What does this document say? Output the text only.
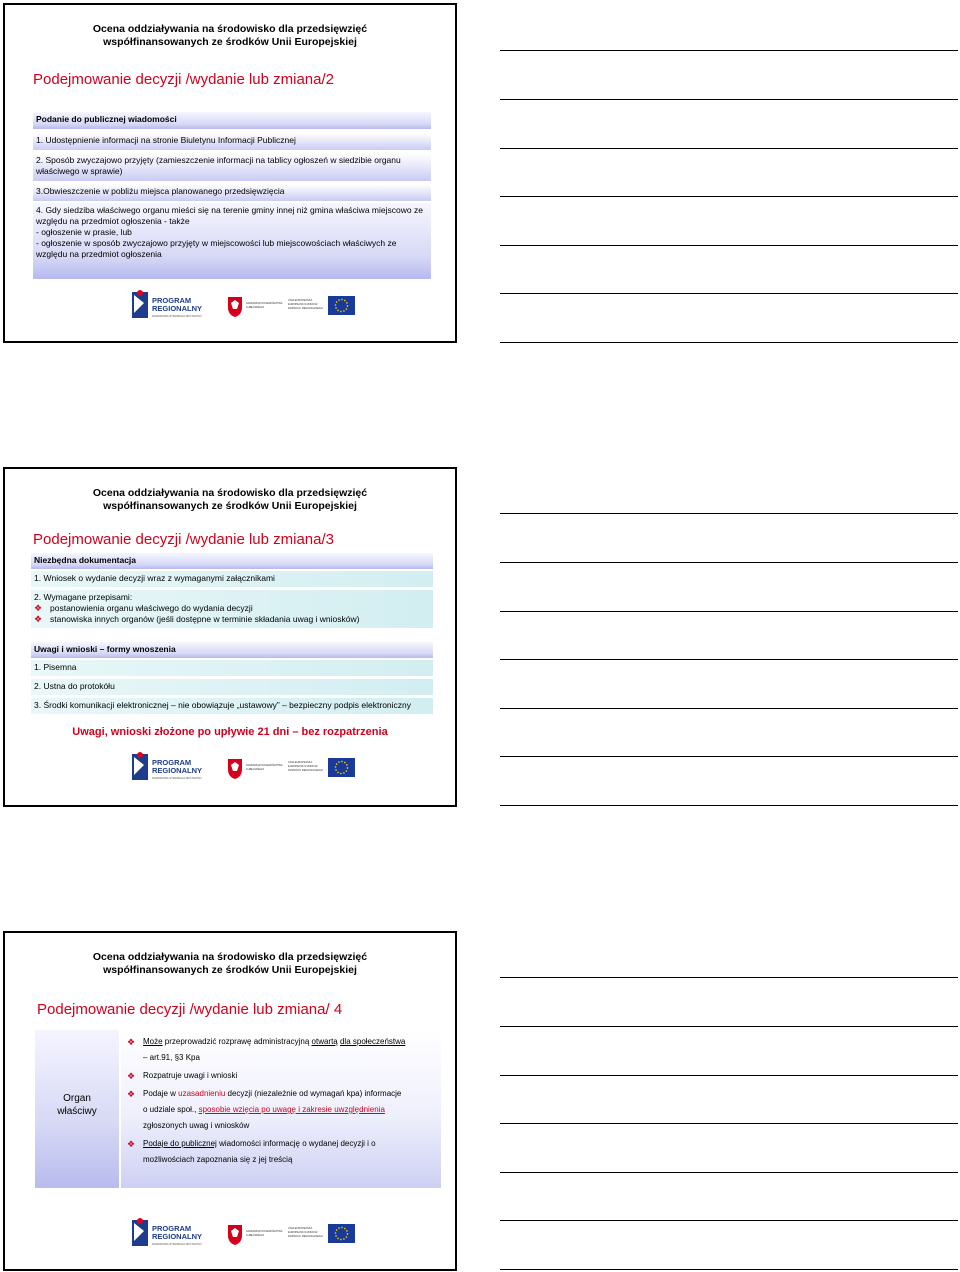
Ocena oddziaływania na środowisko dla przedsięwzięć
współfinansowanych ze środków Unii Europejskiej
Podejmowanie decyzji /wydanie lub zmiana/2
Podanie do publicznej wiadomości
1. Udostępnienie informacji na stronie Biuletynu Informacji Publicznej
2. Sposób zwyczajowo przyjęty (zamieszczenie informacji na tablicy ogłoszeń w siedzibie organu właściwego w sprawie)
3.Obwieszczenie w pobliżu miejsca planowanego przedsięwzięcia
4. Gdy siedziba właściwego organu mieści się na terenie gminy innej niż gmina właściwa miejscowo ze względu na przedmiot ogłoszenia - także
- ogłoszenie w prasie, lub
- ogłoszenie w sposób zwyczajowo przyjęty w miejscowości lub miejscowościach właściwych ze względu na przedmiot ogłoszenia
PROGRAM
REGIONALNY
NARODOWA STRATEGIA SPÓJNOŚCI
SAMORZĄD WOJEWÓDZTWA
LUBELSKIEGO
UNIA EUROPEJSKA
EUROPEJSKI FUNDUSZ
ROZWOJU REGIONALNEGO
Ocena oddziaływania na środowisko dla przedsięwzięć
współfinansowanych ze środków Unii Europejskiej
Podejmowanie decyzji /wydanie lub zmiana/3
Niezbędna dokumentacja
1. Wniosek o wydanie decyzji wraz z wymaganymi załącznikami
2. Wymagane przepisami:
❖ postanowienia organu właściwego do wydania decyzji
❖ stanowiska innych organów (jeśli dostępne w terminie składania uwag i wniosków)
Uwagi i wnioski – formy wnoszenia
1. Pisemna
2. Ustna do protokółu
3. Środki komunikacji elektronicznej – nie obowiązuje „ustawowy” – bezpieczny podpis elektroniczny
Uwagi, wnioski złożone po upływie 21 dni – bez rozpatrzenia
PROGRAM
REGIONALNY
NARODOWA STRATEGIA SPÓJNOŚCI
SAMORZĄD WOJEWÓDZTWA
LUBELSKIEGO
UNIA EUROPEJSKA
EUROPEJSKI FUNDUSZ
ROZWOJU REGIONALNEGO
Ocena oddziaływania na środowisko dla przedsięwzięć
współfinansowanych ze środków Unii Europejskiej
Podejmowanie decyzji /wydanie lub zmiana/ 4
Organ
właściwy
❖ Może przeprowadzić rozprawę administracyjną otwartą dla społeczeństwa
– art.91, §3 Kpa
❖ Rozpatruje uwagi i wnioski
❖ Podaje w uzasadnieniu decyzji (niezależnie od wymagań kpa) informacje
o udziale społ., sposobie wzięcia po uwagę i zakresie uwzględnienia
zgłoszonych uwag i wniosków
❖ Podaje do publicznej wiadomości informację o wydanej decyzji i o
możliwościach zapoznania się z jej treścią
PROGRAM
REGIONALNY
NARODOWA STRATEGIA SPÓJNOŚCI
SAMORZĄD WOJEWÓDZTWA
LUBELSKIEGO
UNIA EUROPEJSKA
EUROPEJSKI FUNDUSZ
ROZWOJU REGIONALNEGO
